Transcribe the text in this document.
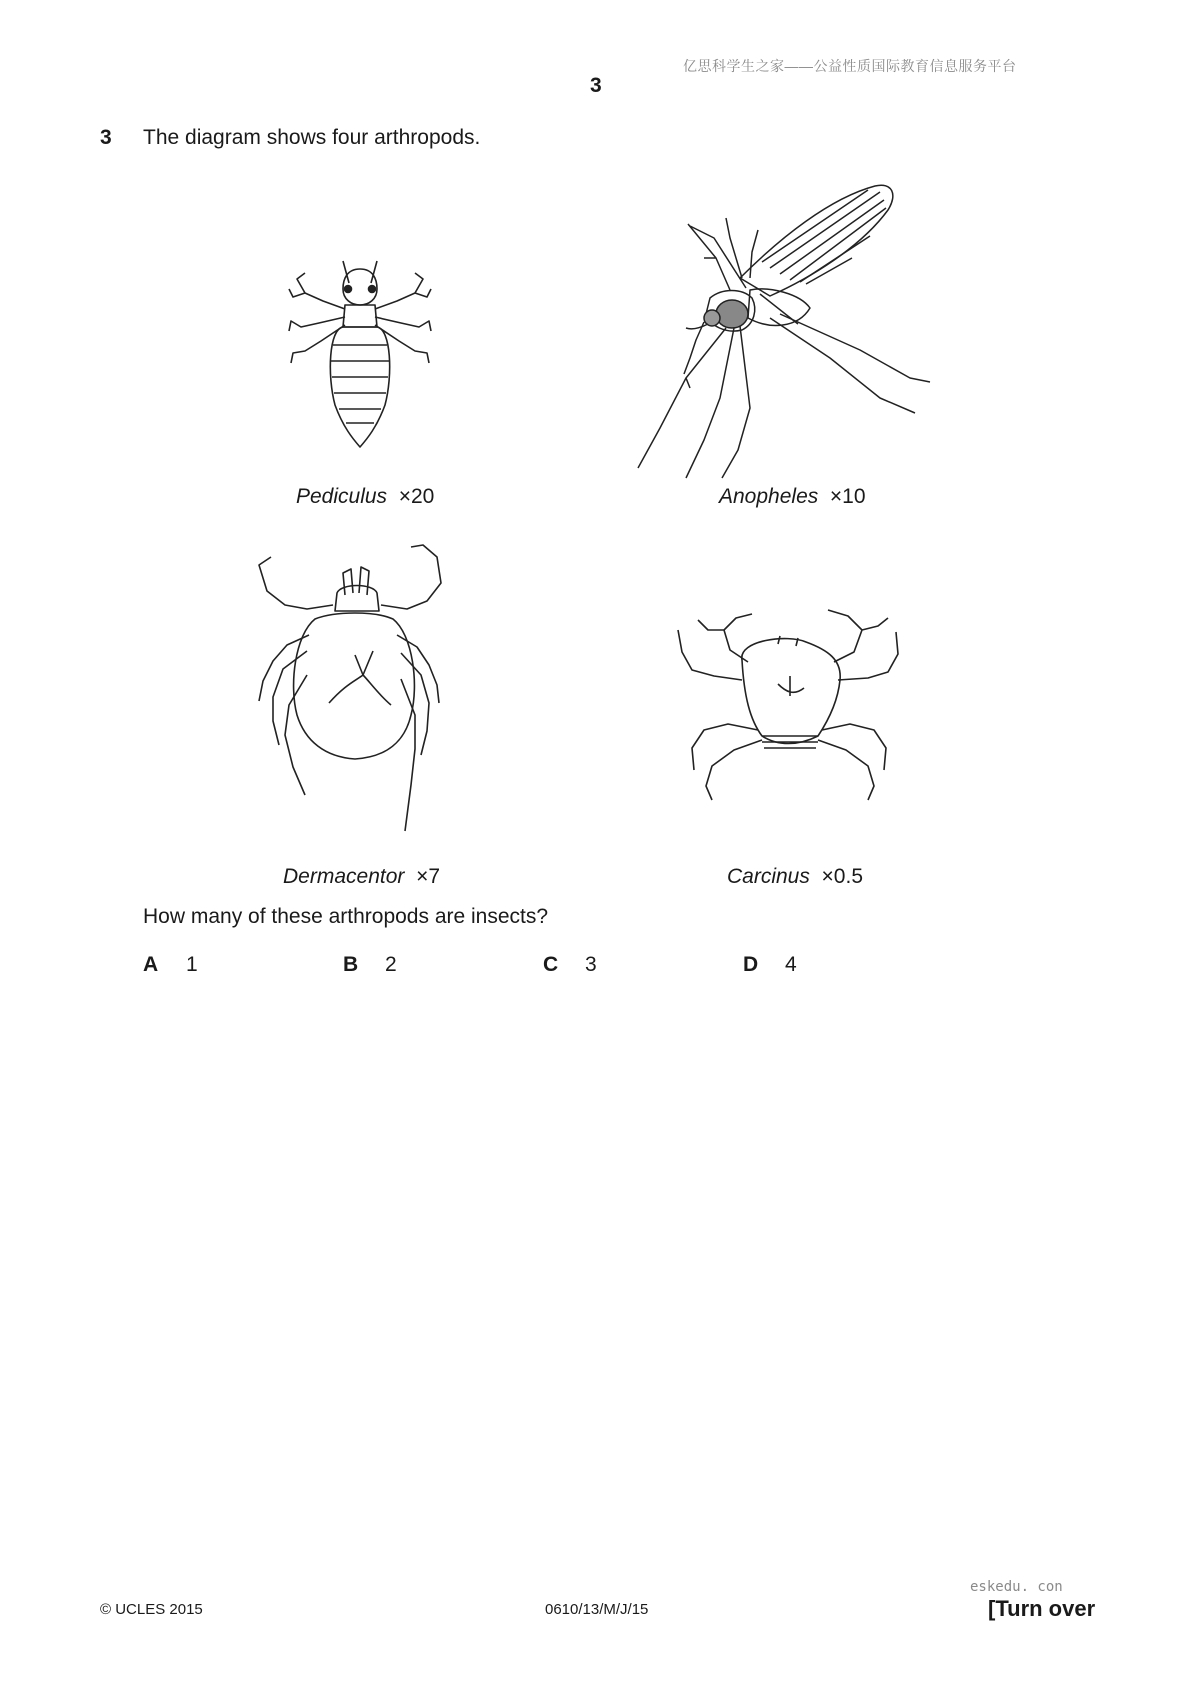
亿思科学生之家——公益性质国际教育信息服务平台
3
3 The diagram shows four arthropods.
Pediculus ×20	Anopheles ×10
Dermacentor ×7	Carcinus ×0.5
How many of these arthropods are insects?
A 1	B 2	C 3	D 4
© UCLES 2015	0610/13/M/J/15
eskedu. con
[Turn over
